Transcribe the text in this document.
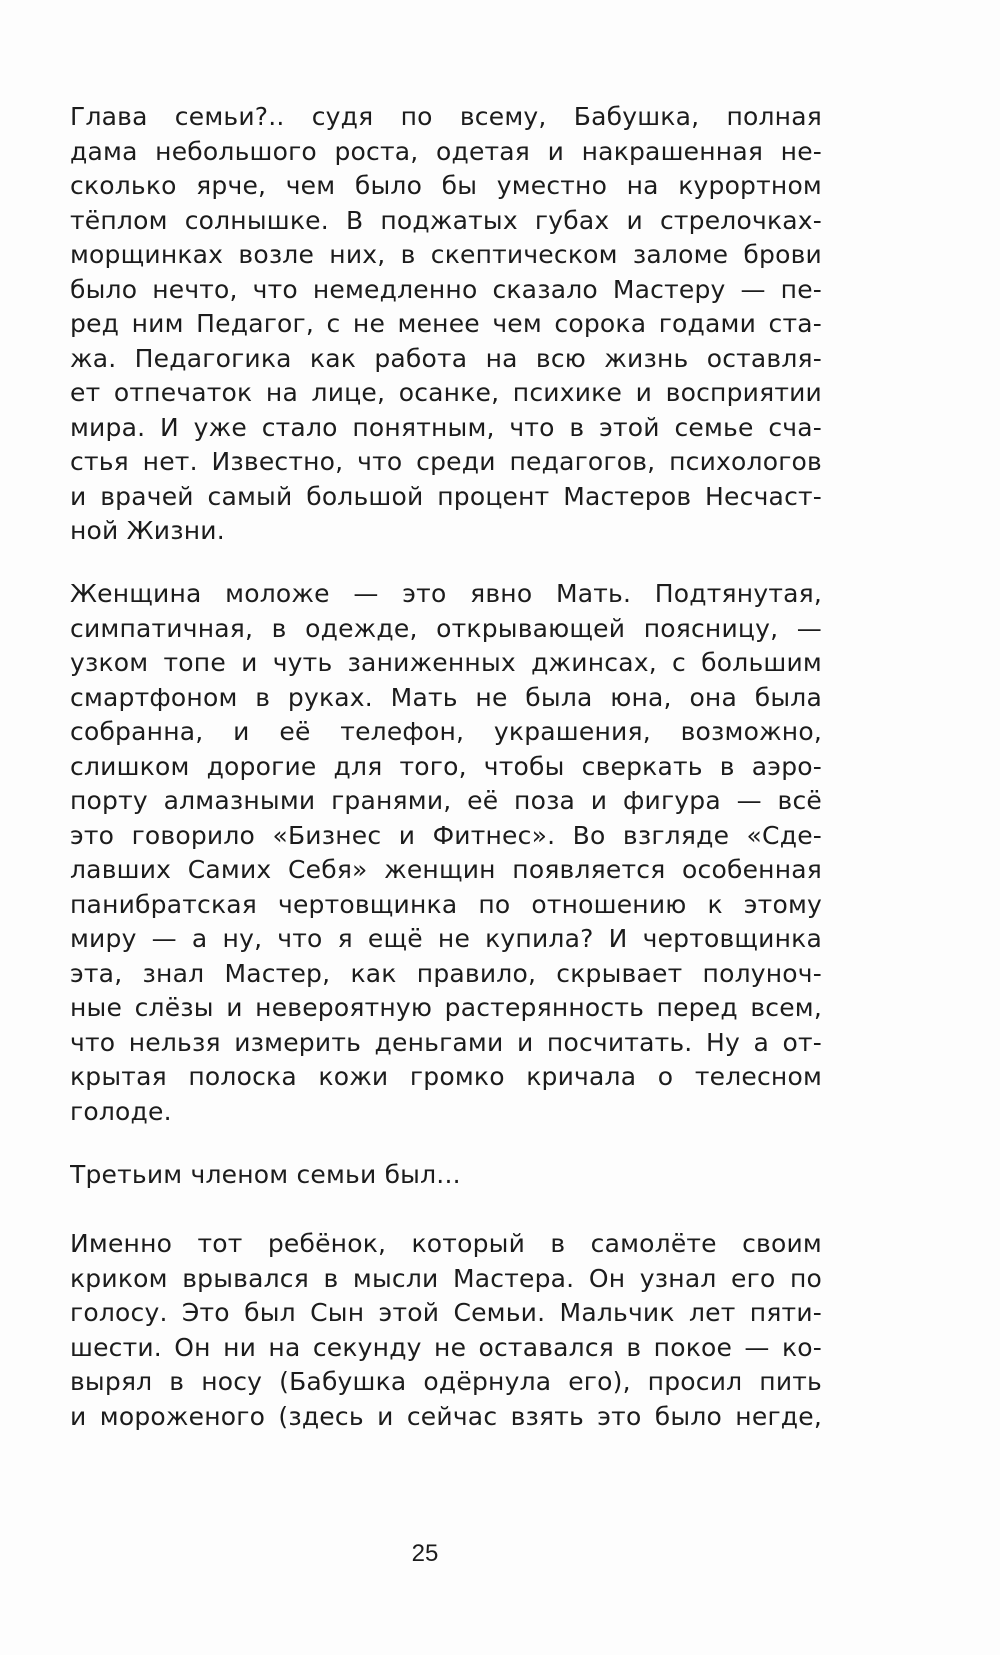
Глава семьи?.. судя по всему, Бабушка, полная
дама небольшого роста, одетая и накрашенная не-
сколько ярче, чем было бы уместно на курортном
тёплом солнышке. В поджатых губах и стрелочках-
морщинках возле них, в скептическом заломе брови
было нечто, что немедленно сказало Мастеру — пе-
ред ним Педагог, с не менее чем сорока годами ста-
жа. Педагогика как работа на всю жизнь оставля-
ет отпечаток на лице, осанке, психике и восприятии
мира. И уже стало понятным, что в этой семье сча-
стья нет. Известно, что среди педагогов, психологов
и врачей самый большой процент Мастеров Несчаст-
ной Жизни.
Женщина моложе — это явно Мать. Подтянутая,
симпатичная, в одежде, открывающей поясницу, —
узком топе и чуть заниженных джинсах, с большим
смартфоном в руках. Мать не была юна, она была
собранна, и её телефон, украшения, возможно,
слишком дорогие для того, чтобы сверкать в аэро-
порту алмазными гранями, её поза и фигура — всё
это говорило «Бизнес и Фитнес». Во взгляде «Сде-
лавших Самих Себя» женщин появляется особенная
панибратская чертовщинка по отношению к этому
миру — а ну, что я ещё не купила? И чертовщинка
эта, знал Мастер, как правило, скрывает полуноч-
ные слёзы и невероятную растерянность перед всем,
что нельзя измерить деньгами и посчитать. Ну а от-
крытая полоска кожи громко кричала о телесном
голоде.
Третьим членом семьи был...
Именно тот ребёнок, который в самолёте своим
криком врывался в мысли Мастера. Он узнал его по
голосу. Это был Сын этой Семьи. Мальчик лет пяти-
шести. Он ни на секунду не оставался в покое — ко-
вырял в носу (Бабушка одёрнула его), просил пить
и мороженого (здесь и сейчас взять это было негде,
25
